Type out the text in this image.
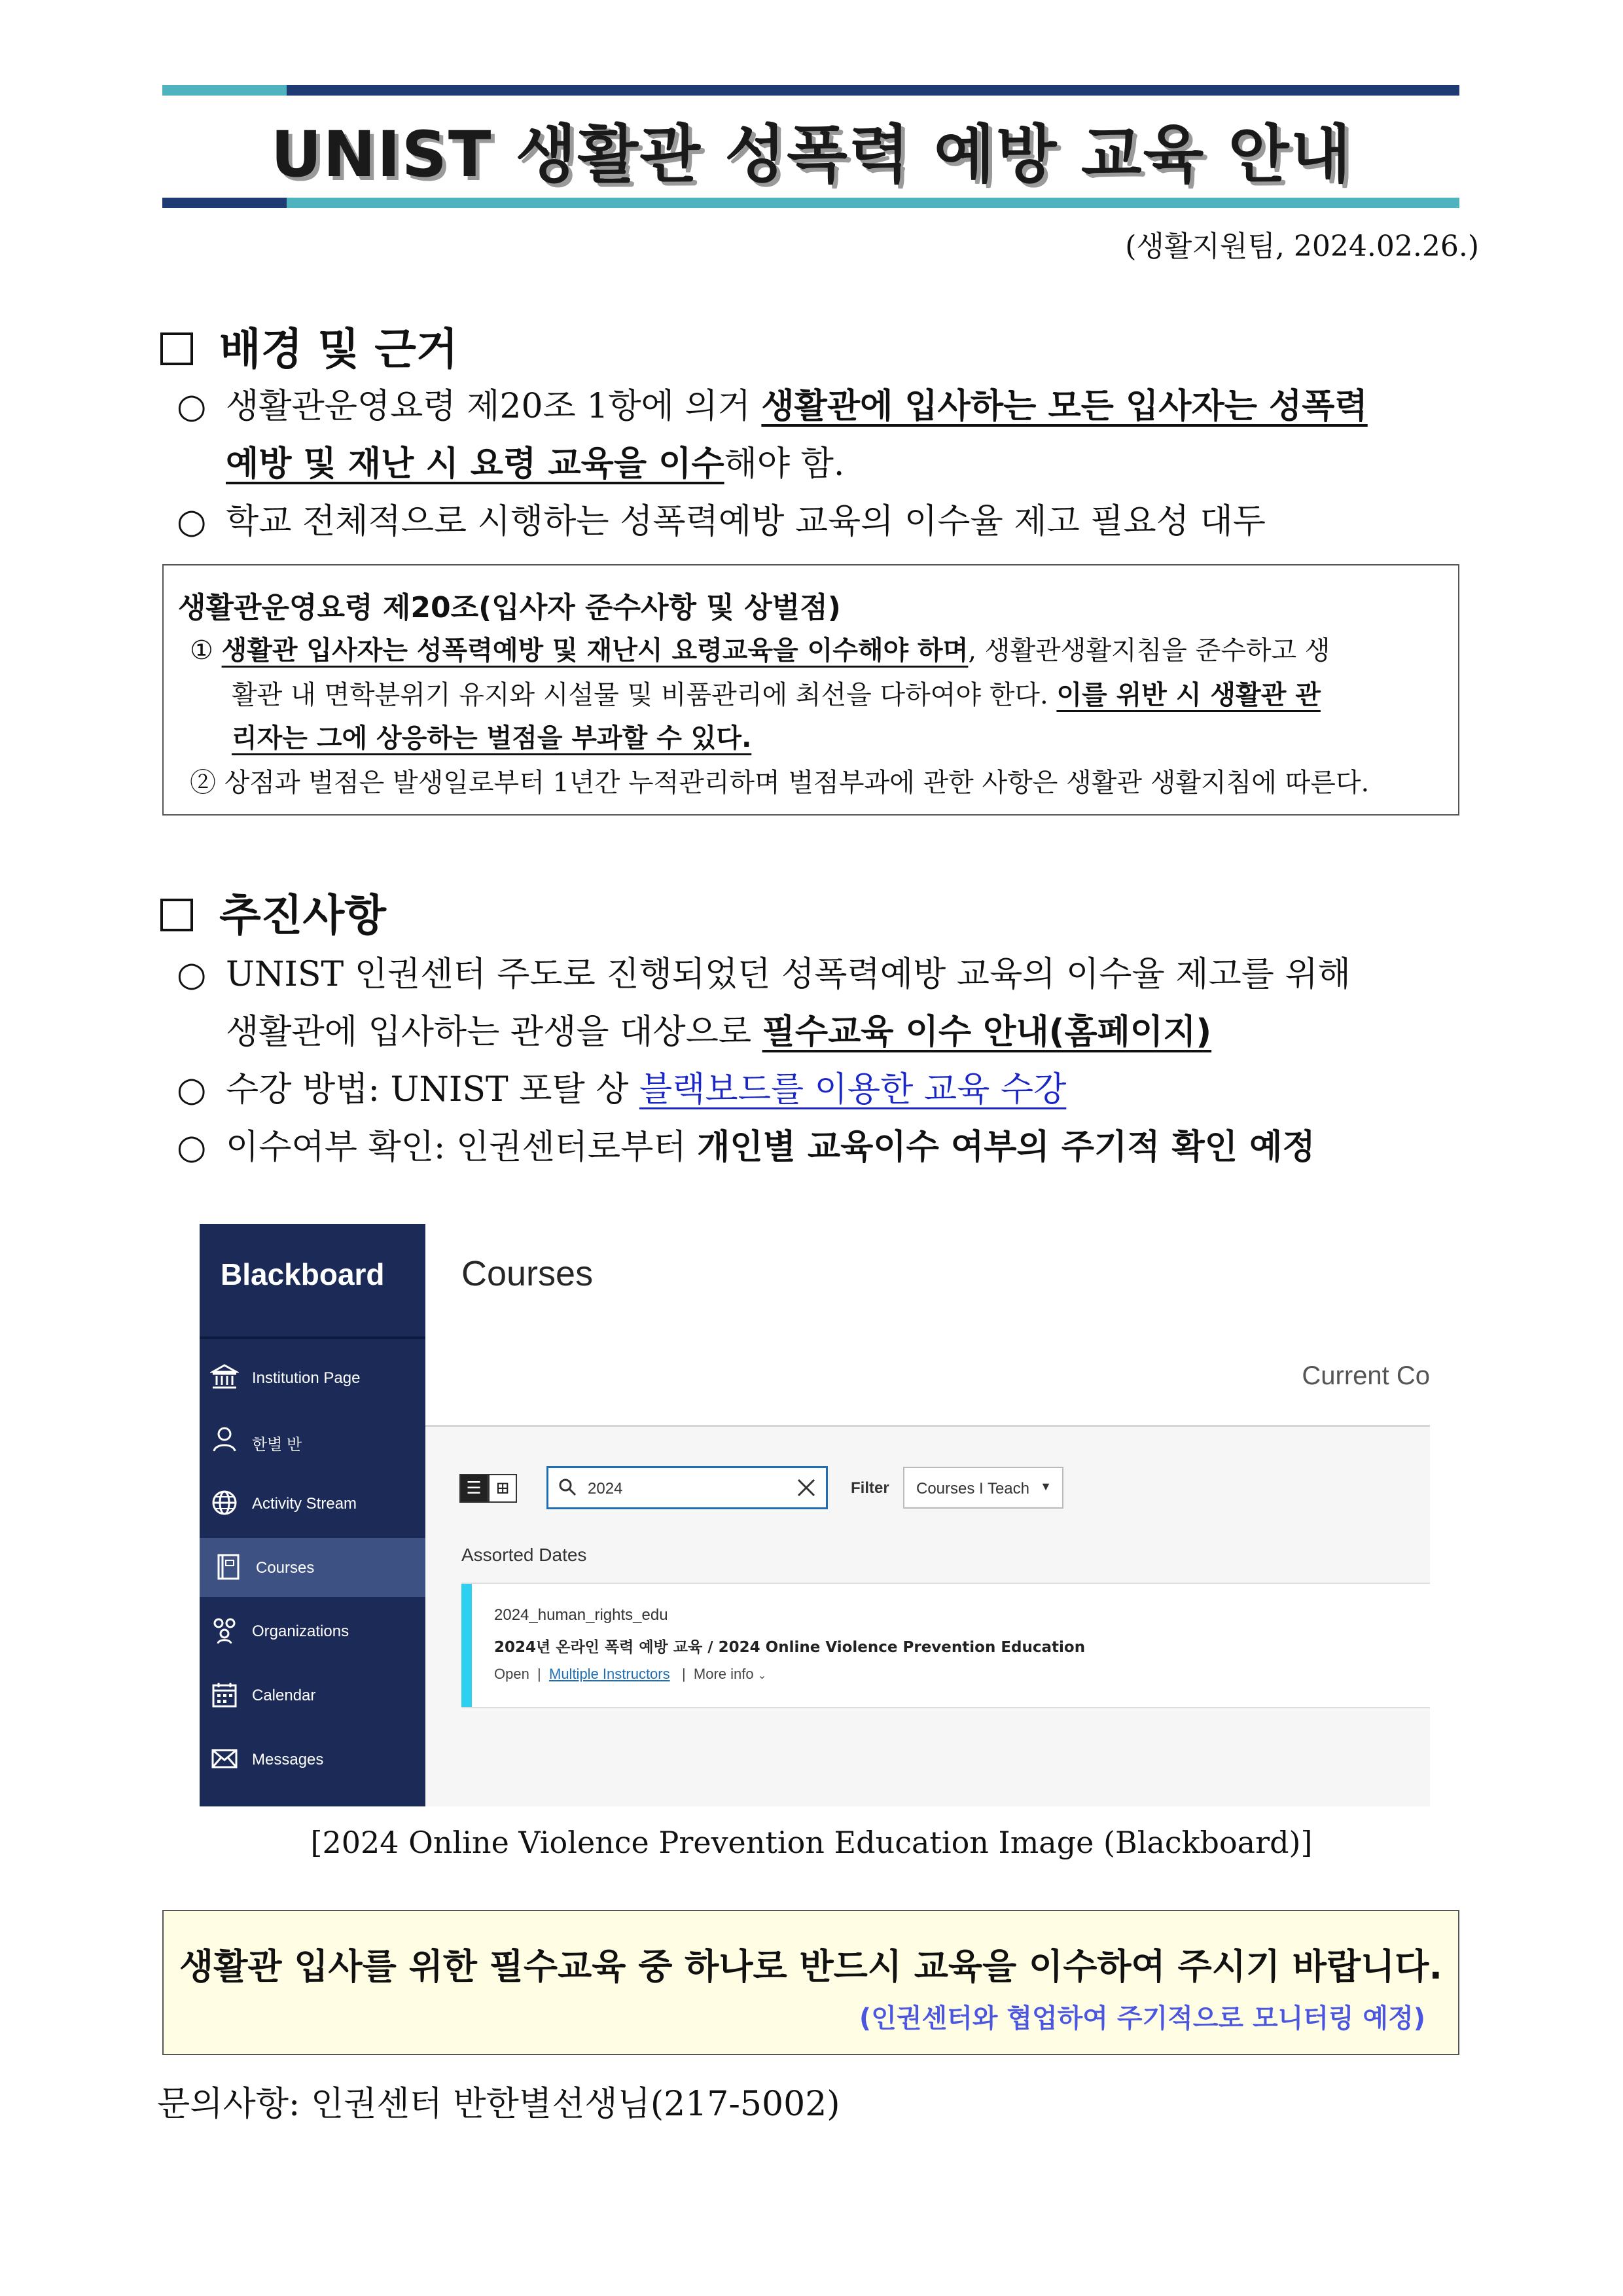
UNIST 생활관 성폭력 예방 교육 안내
(생활지원팀, 2024.02.26.)
배경 및 근거
○ 생활관운영요령 제20조 1항에 의거 생활관에 입사하는 모든 입사자는 성폭력
예방 및 재난 시 요령 교육을 이수해야 함.
○ 학교 전체적으로 시행하는 성폭력예방 교육의 이수율 제고 필요성 대두
생활관운영요령 제20조(입사자 준수사항 및 상벌점)
① 생활관 입사자는 성폭력예방 및 재난시 요령교육을 이수해야 하며, 생활관생활지침을 준수하고 생
활관 내 면학분위기 유지와 시설물 및 비품관리에 최선을 다하여야 한다. 이를 위반 시 생활관 관
리자는 그에 상응하는 벌점을 부과할 수 있다.
② 상점과 벌점은 발생일로부터 1년간 누적관리하며 벌점부과에 관한 사항은 생활관 생활지침에 따른다.
추진사항
○ UNIST 인권센터 주도로 진행되었던 성폭력예방 교육의 이수율 제고를 위해
생활관에 입사하는 관생을 대상으로 필수교육 이수 안내(홈페이지)
○ 수강 방법: UNIST 포탈 상 블랙보드를 이용한 교육 수강
○ 이수여부 확인: 인권센터로부터 개인별 교육이수 여부의 주기적 확인 예정
Blackboard
Institution Page
한별 반
Activity Stream
Courses
Organizations
Calendar
Messages
Courses
Current Co
☰ ⊞	2024	Filter Courses I Teach ▼
Assorted Dates
2024_human_rights_edu
2024년 온라인 폭력 예방 교육 / 2024 Online Violence Prevention Education
Open  |  Multiple Instructors   |  More info ⌄
[2024 Online Violence Prevention Education Image (Blackboard)]
생활관 입사를 위한 필수교육 중 하나로 반드시 교육을 이수하여 주시기 바랍니다.
(인권센터와 협업하여 주기적으로 모니터링 예정)
문의사항: 인권센터 반한별선생님(217-5002)
